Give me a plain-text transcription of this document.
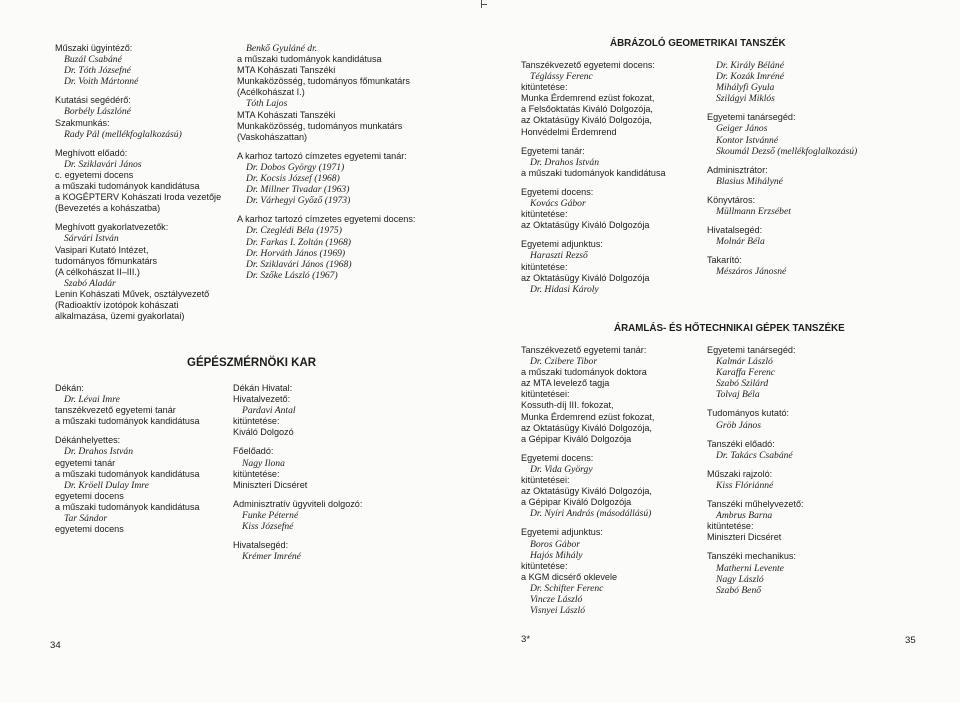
Műszaki ügyintéző:
Buzál Csabáné
Dr. Tóth Józsefné
Dr. Voith Mártonné
Kutatási segédérő:
Borbély Lászlóné
Szakmunkás:
Rady Pál (mellékfoglalkozású)
Meghívott előadó:
Dr. Sziklavári János
c. egyetemi docens
a műszaki tudományok kandidátusa
a KOGÉPTERV Kohászati Iroda vezetője
(Bevezetés a kohászatba)
Meghívott gyakorlatvezetők:
Sárvári István
Vasipari Kutató Intézet,
tudományos főmunkatárs
(A célkohászat II–III.)
Szabó Aladár
Lenin Kohászati Művek, osztályvezető
(Radioaktív izotópok kohászati
alkalmazása, üzemi gyakorlatai)
Benkő Gyuláné dr.
a műszaki tudományok kandidátusa
MTA Kohászati Tanszéki
Munkaközösség, tudományos főmunkatárs
(Acélkohászat I.)
Tóth Lajos
MTA Kohászati Tanszéki
Munkaközösség, tudományos munkatárs
(Vaskohászattan)
A karhoz tartozó címzetes egyetemi tanár:
Dr. Dobos György (1971)
Dr. Kocsis József (1968)
Dr. Millner Tivadar (1963)
Dr. Várhegyi Győző (1973)
A karhoz tartozó címzetes egyetemi docens:
Dr. Czeglédi Béla (1975)
Dr. Farkas I. Zoltán (1968)
Dr. Horváth János (1969)
Dr. Sziklavári János (1968)
Dr. Szőke László (1967)
GÉPÉSZMÉRNÖKI KAR
Dékán:
Dr. Lévai Imre
tanszékvezető egyetemi tanár
a műszaki tudományok kandidátusa
Dékánhelyettes:
Dr. Drahos István
egyetemi tanár
a műszaki tudományok kandidátusa
Dr. Kröell Dulay Imre
egyetemi docens
a műszaki tudományok kandidátusa
Tar Sándor
egyetemi docens
Dékán Hivatal:
Hivatalvezető:
Pardavi Antal
kitüntetése:
Kiváló Dolgozó
Főelőadó:
Nagy Ilona
kitüntetése:
Miniszteri Dicséret
Adminisztratív ügyviteli dolgozó:
Funke Péterné
Kiss Józsefné
Hivatalsegéd:
Krémer Imréné
ÁBRÁZOLÓ GEOMETRIKAI TANSZÉK
Tanszékvezető egyetemi docens:
Téglássy Ferenc
kitüntetése:
Munka Érdemrend ezüst fokozat,
a Felsőoktatás Kiváló Dolgozója,
az Oktatásügy Kiváló Dolgozója,
Honvédelmi Érdemrend
Egyetemi tanár:
Dr. Drahos István
a műszaki tudományok kandidátusa
Egyetemi docens:
Kovács Gábor
kitüntetése:
az Oktatásügy Kiváló Dolgozója
Egyetemi adjunktus:
Haraszti Rezső
kitüntetése:
az Oktatásügy Kiváló Dolgozója
Dr. Hidasi Károly
Dr. Király Béláné
Dr. Kozák Imréné
Mihályfi Gyula
Szilágyi Miklós
Egyetemi tanársegéd:
Geiger János
Kontor Istvánné
Skoumál Dezső (mellékfoglalkozású)
Adminisztrátor:
Blasius Mihályné
Könyvtáros:
Müllmann Erzsébet
Hivatalsegéd:
Molnár Béla
Takarító:
Mészáros Jánosné
ÁRAMLÁS- ÉS HŐTECHNIKAI GÉPEK TANSZÉKE
Tanszékvezető egyetemi tanár:
Dr. Czibere Tibor
a műszaki tudományok doktora
az MTA levelező tagja
kitüntetései:
Kossuth-díj III. fokozat,
Munka Érdemrend ezüst fokozat,
az Oktatásügy Kiváló Dolgozója,
a Gépipar Kiváló Dolgozója
Egyetemi docens:
Dr. Vida György
kitüntetései:
az Oktatásügy Kiváló Dolgozója,
a Gépipar Kiváló Dolgozója
Dr. Nyíri András (másodállású)
Egyetemi adjunktus:
Boros Gábor
Hajós Mihály
kitüntetése:
a KGM dicsérő oklevele
Dr. Schifter Ferenc
Vincze László
Visnyei László
Egyetemi tanársegéd:
Kalmár László
Karaffa Ferenc
Szabó Szilárd
Tolvaj Béla
Tudományos kutató:
Gröb János
Tanszéki előadó:
Dr. Takács Csabáné
Műszaki rajzoló:
Kiss Flóriánné
Tanszéki műhelyvezető:
Ambrus Barna
kitüntetése:
Miniszteri Dicséret
Tanszéki mechanikus:
Matherni Levente
Nagy László
Szabó Benő
34
3*	35
